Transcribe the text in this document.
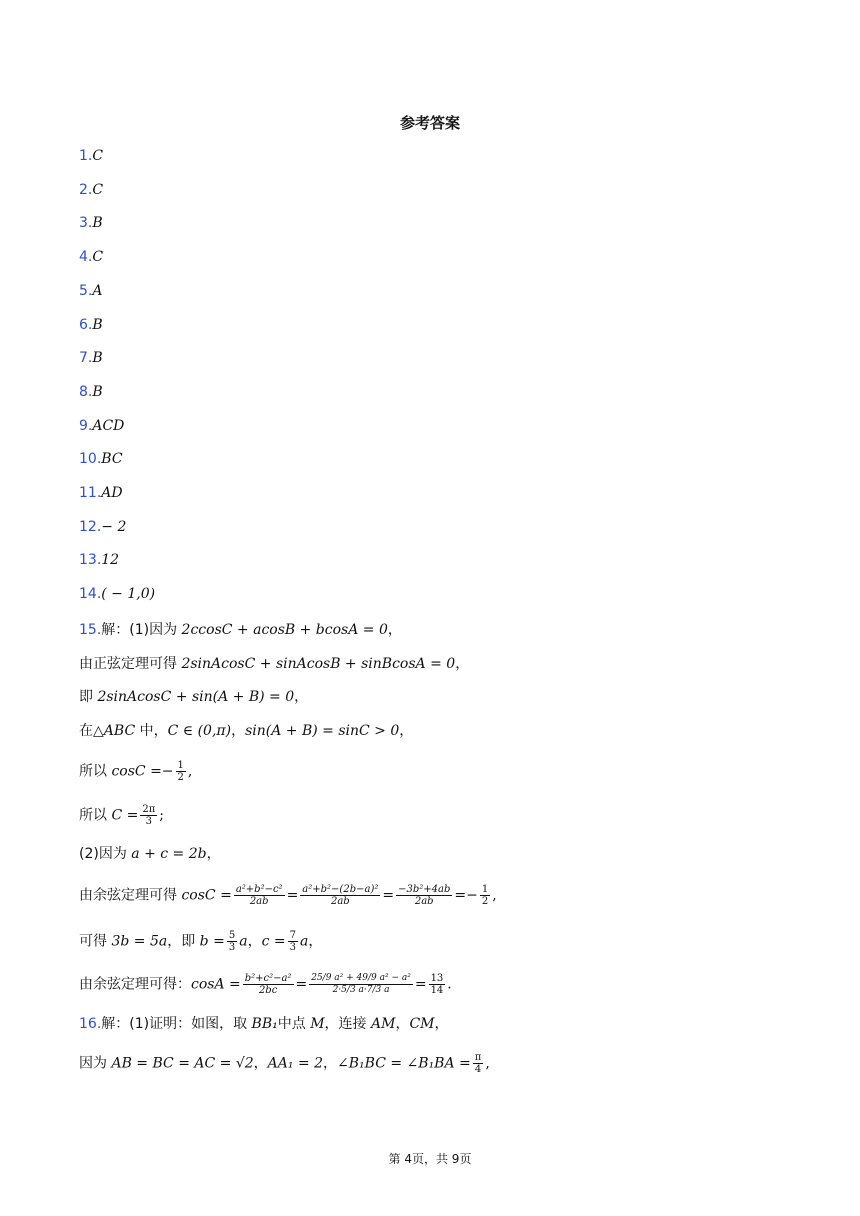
参考答案
1.C
2.C
3.B
4.C
5.A
6.B
7.B
8.B
9.ACD
10.BC
11.AD
12.− 2
13.12
14.( − 1,0)
15.解：(1)因为 2ccosC + acosB + bcosA = 0，
由正弦定理可得 2sinAcosC + sinAcosB + sinBcosA = 0，
即 2sinAcosC + sin(A + B) = 0，
在△ABC 中，C ∈ (0,π)，sin(A + B) = sinC > 0，
所以 $\cos C =- \frac{1}{2}$ ,
所以 $C = \frac{2\pi}{3}$ ;
(2)因为 a + c = 2b，
由余弦定理可得 $\cos C = \frac{\text{a²+b²−c²}}{2ab} = \frac{\text{a²+b²−(2b−a)²}}{2ab} = \frac{\text{−3b²+4ab}}{2ab} =- \frac{1}{2}$ ,
可得 3b = 5a，即 $b = \frac{5}{3}$ a，$c = \frac{7}{3}$ a，
由余弦定理可得：$\cos A = \frac{\text{b²+c²−a²}}{2bc} = \frac{\text{25/9 a² + 49/9 a² − a²}}{2\cdot 5/3 a\cdot 7/3 a} = \frac{13}{14}$ .
16.解：(1)证明：如图，取 BB₁中点 M，连接 AM，CM，
因为 AB = BC = AC = √2，AA₁ = 2，∠B₁BC = ∠B₁BA = $\frac{\pi}{4}$ ,
第 4页，共 9页
